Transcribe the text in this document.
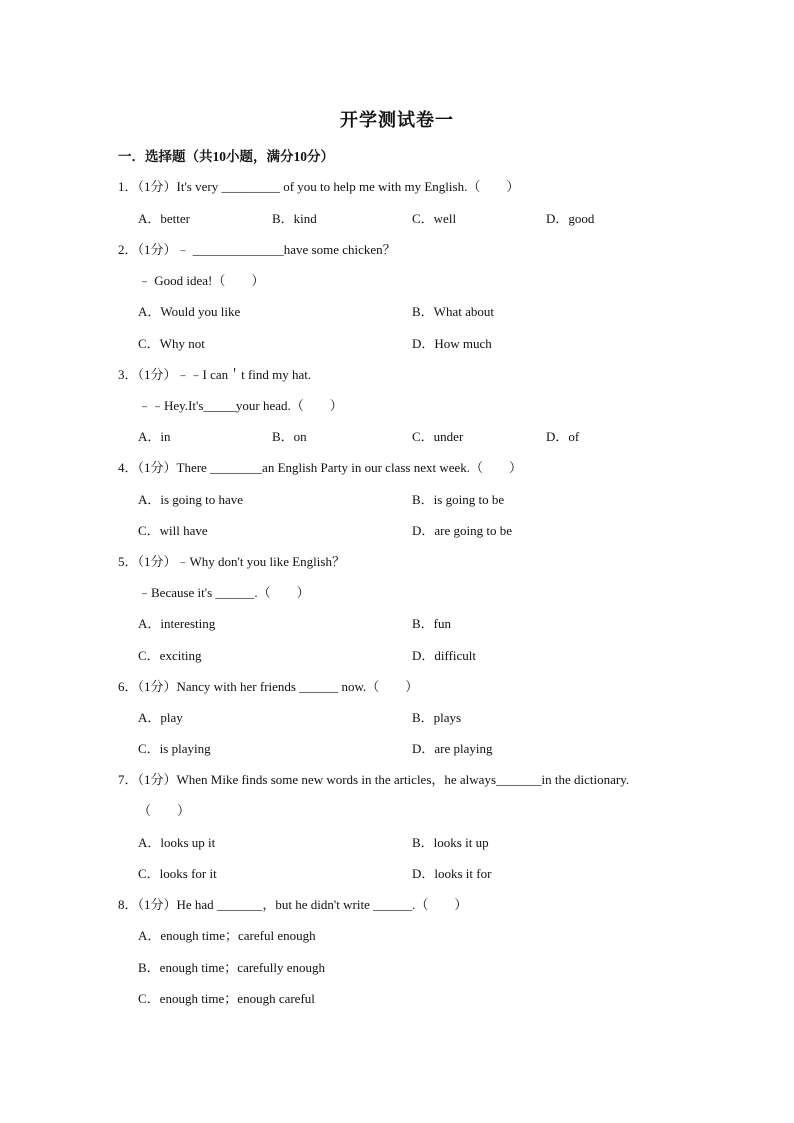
开学测试卷一
一．选择题（共10小题，满分10分）
1．（1分）It's very _________ of you to help me with my English.（　　）
A．better	B．kind	C．well	D．good
2．（1分）﹣ ______________have some chicken？
﹣ Good idea!（　　）
A．Would you like	B．What about
C．Why not	D．How much
3．（1分）﹣﹣I can＇t find my hat.
﹣﹣Hey.It's_____your head.（　　）
A．in	B．on	C．under	D．of
4．（1分）There ________an English Party in our class next week.（　　）
A．is going to have	B．is going to be
C．will have	D．are going to be
5．（1分）﹣Why don't you like English？
﹣Because it's ______.（　　）
A．interesting	B．fun
C．exciting	D．difficult
6．（1分）Nancy with her friends ______ now.（　　）
A．play	B．plays
C．is playing	D．are playing
7．（1分）When Mike finds some new words in the articles，he always_______in the dictionary.
（　　）
A．looks up it	B．looks it up
C．looks for it	D．looks it for
8．（1分）He had _______，but he didn't write ______.（　　）
A．enough time；careful enough
B．enough time；carefully enough
C．enough time；enough careful
